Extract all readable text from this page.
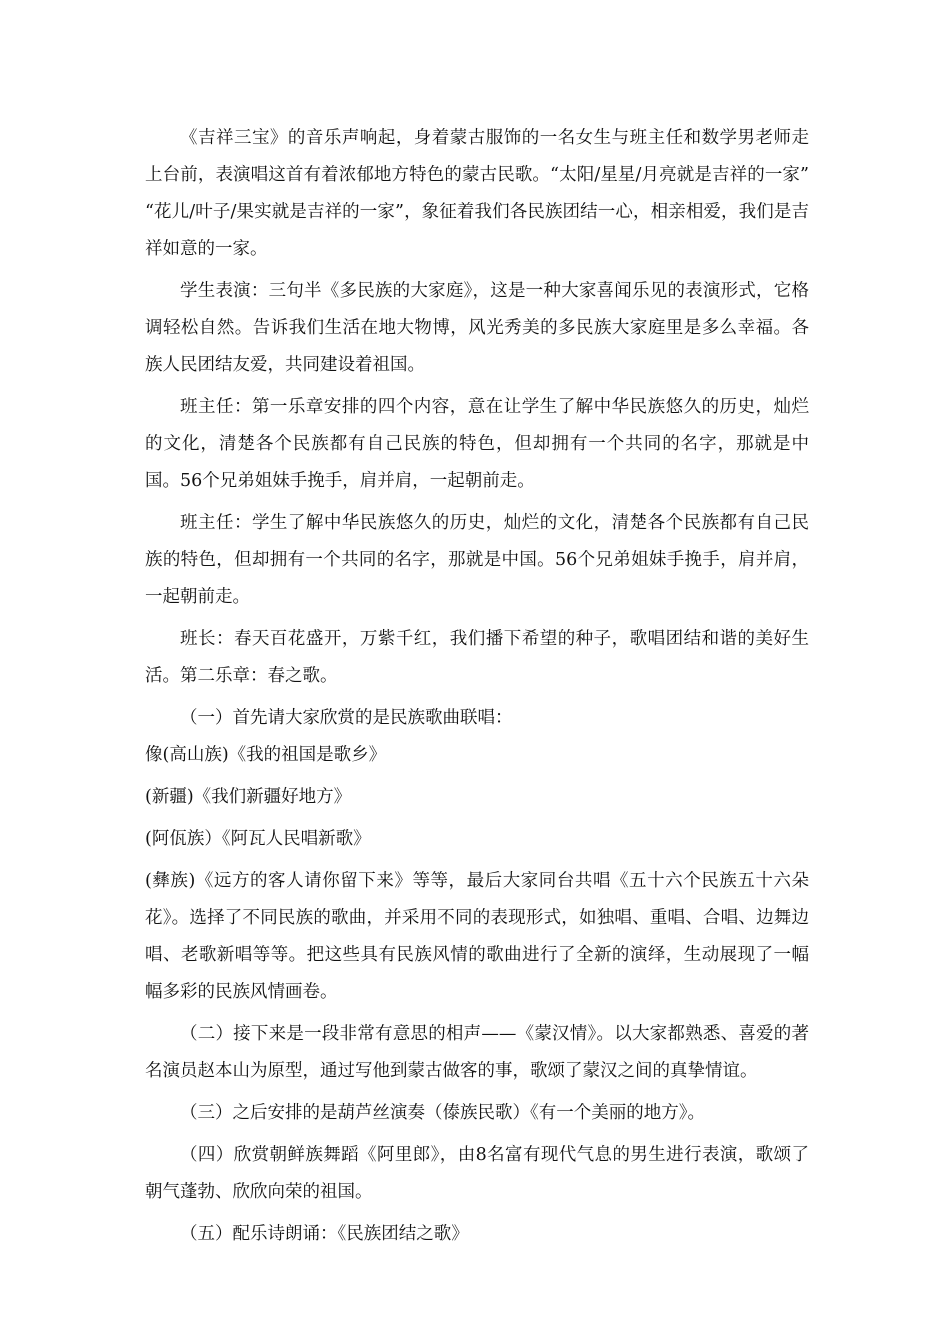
《吉祥三宝》的音乐声响起，身着蒙古服饰的一名女生与班主任和数学男老师走上台前，表演唱这首有着浓郁地方特色的蒙古民歌。“太阳/星星/月亮就是吉祥的一家” “花儿/叶子/果实就是吉祥的一家”，象征着我们各民族团结一心，相亲相爱，我们是吉祥如意的一家。

学生表演：三句半《多民族的大家庭》，这是一种大家喜闻乐见的表演形式，它格调轻松自然。告诉我们生活在地大物博，风光秀美的多民族大家庭里是多么幸福。各族人民团结友爱，共同建设着祖国。

班主任：第一乐章安排的四个内容，意在让学生了解中华民族悠久的历史，灿烂的文化，清楚各个民族都有自己民族的特色，但却拥有一个共同的名字，那就是中国。56个兄弟姐妹手挽手，肩并肩，一起朝前走。

班主任：学生了解中华民族悠久的历史，灿烂的文化，清楚各个民族都有自己民族的特色，但却拥有一个共同的名字，那就是中国。56个兄弟姐妹手挽手，肩并肩，一起朝前走。

班长：春天百花盛开，万紫千红，我们播下希望的种子，歌唱团结和谐的美好生活。第二乐章：春之歌。

（一）首先请大家欣赏的是民族歌曲联唱：

像(高山族)《我的祖国是歌乡》

(新疆)《我们新疆好地方》

(阿佤族）《阿瓦人民唱新歌》

(彝族)《远方的客人请你留下来》等等，最后大家同台共唱《五十六个民族五十六朵花》。选择了不同民族的歌曲，并采用不同的表现形式，如独唱、重唱、合唱、边舞边唱、老歌新唱等等。把这些具有民族风情的歌曲进行了全新的演绎，生动展现了一幅幅多彩的民族风情画卷。

（二）接下来是一段非常有意思的相声——《蒙汉情》。以大家都熟悉、喜爱的著名演员赵本山为原型，通过写他到蒙古做客的事，歌颂了蒙汉之间的真挚情谊。

（三）之后安排的是葫芦丝演奏（傣族民歌）《有一个美丽的地方》。

（四）欣赏朝鲜族舞蹈《阿里郎》，由8名富有现代气息的男生进行表演，歌颂了朝气蓬勃、欣欣向荣的祖国。

（五）配乐诗朗诵：《民族团结之歌》
